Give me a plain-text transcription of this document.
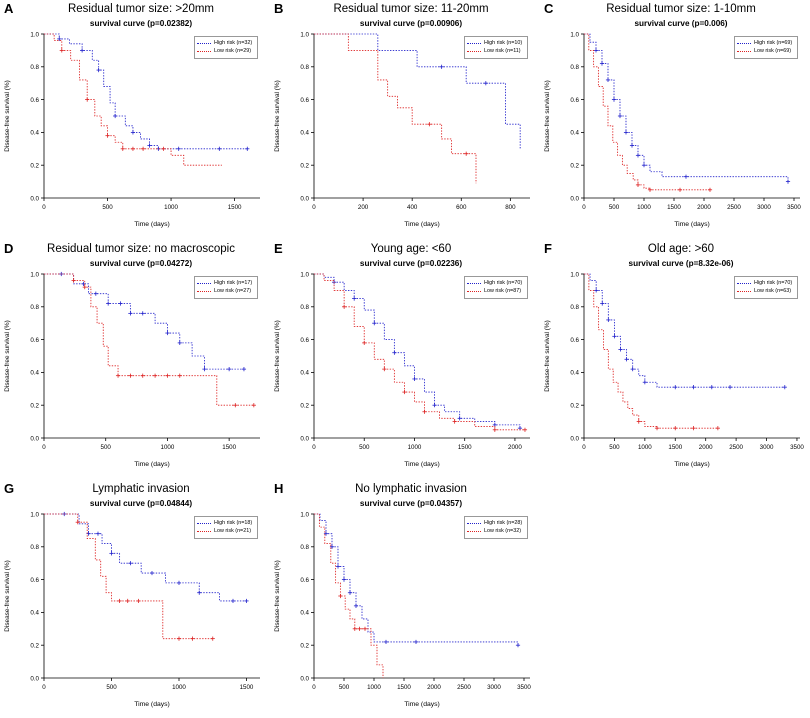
A	Residual tumor size: >20mm
survival curve (p=0.02382)
0.0
0.2
0.4
0.6
0.8
1.0
0	500	1000	1500
Time (days)
Disease-free survival (%)
High risk (n=32)
Low risk (n=29)
B	Residual tumor size: 11-20mm
survival curve (p=0.00906)
0.0
0.2
0.4
0.6
0.8
1.0
0	200	400	600	800
Time (days)
Disease-free survival (%)
High risk (n=10)
Low risk (n=11)
C	Residual tumor size: 1-10mm
survival curve (p=0.006)
0.0
0.2
0.4
0.6
0.8
1.0
0	500	1000	1500	2000	2500	3000	3500
Time (days)
Disease-free survival (%)
High risk (n=69)
Low risk (n=69)
D	Residual tumor size: no macroscopic
survival curve (p=0.04272)
0.0
0.2
0.4
0.6
0.8
1.0
0	500	1000	1500
Time (days)
Disease-free survival (%)
High risk (n=17)
Low risk (n=27)
E	Young age: <60
survival curve (p=0.02236)
0.0
0.2
0.4
0.6
0.8
1.0
0	500	1000	1500	2000
Time (days)
Disease-free survival (%)
High risk (n=70)
Low risk (n=87)
F	Old age: >60
survival curve (p=8.32e-06)
0.0
0.2
0.4
0.6
0.8
1.0
0	500	1000	1500	2000	2500	3000	3500
Time (days)
Disease-free survival (%)
High risk (n=70)
Low risk (n=63)
G	Lymphatic invasion
survival curve (p=0.04844)
0.0
0.2
0.4
0.6
0.8
1.0
0	500	1000	1500
Time (days)
Disease-free survival (%)
High risk (n=18)
Low risk (n=21)
H	No lymphatic invasion
survival curve (p=0.04357)
0.0
0.2
0.4
0.6
0.8
1.0
0	500	1000	1500	2000	2500	3000	3500
Time (days)
Disease-free survival (%)
High risk (n=28)
Low risk (n=32)
